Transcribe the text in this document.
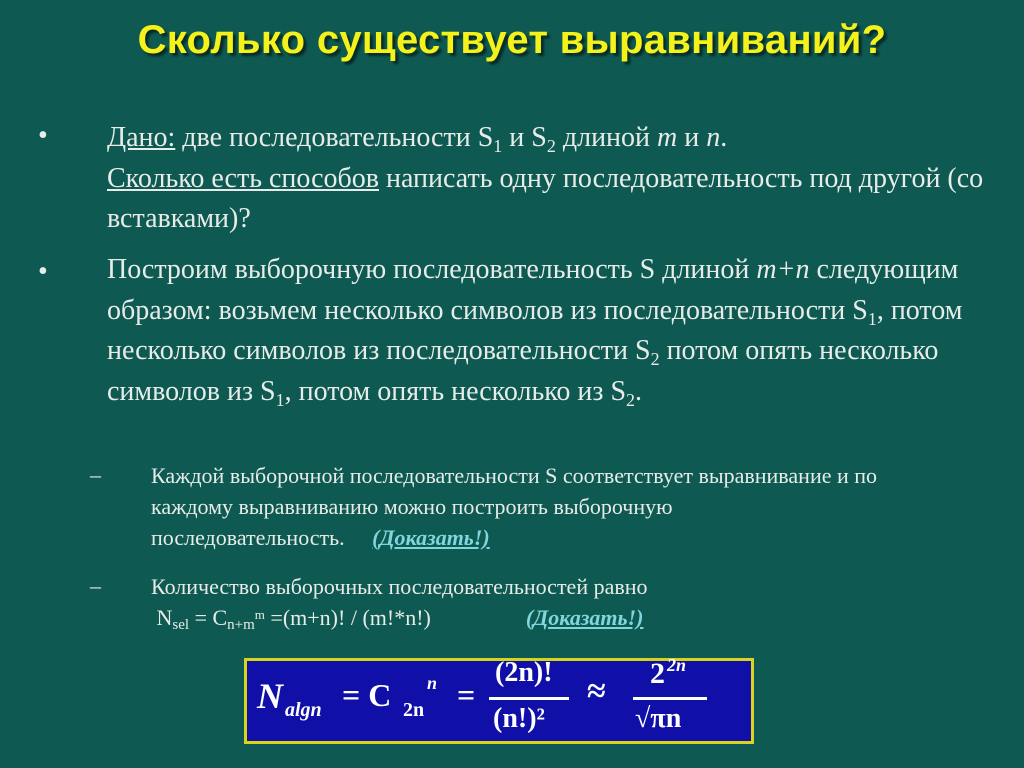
Сколько существует выравниваний?
• Дано: две последовательности $S_1$ и $S_2$ длиной m и n.
Сколько есть способов написать одну последовательность под другой (со вставками)?
• Построим выборочную последовательность S длиной m+n следующим образом: возьмем несколько символов из последовательности $S_1$, потом несколько символов из последовательности $S_2$ потом опять несколько символов из $S_1$, потом опять несколько из $S_2$.
– Каждой выборочной последовательности S соответствует выравнивание и по каждому выравниванию можно построить выборочную последовательность. (Доказать!)
– Количество выборочных последовательностей равно
$N_{sel} = C_{n+m}^m =(m+n)$! / (m!*n!)	(Доказать!)
N algn = C 2n
n =
(2n)!
(n!)²
≈ 2 2n
√πn
